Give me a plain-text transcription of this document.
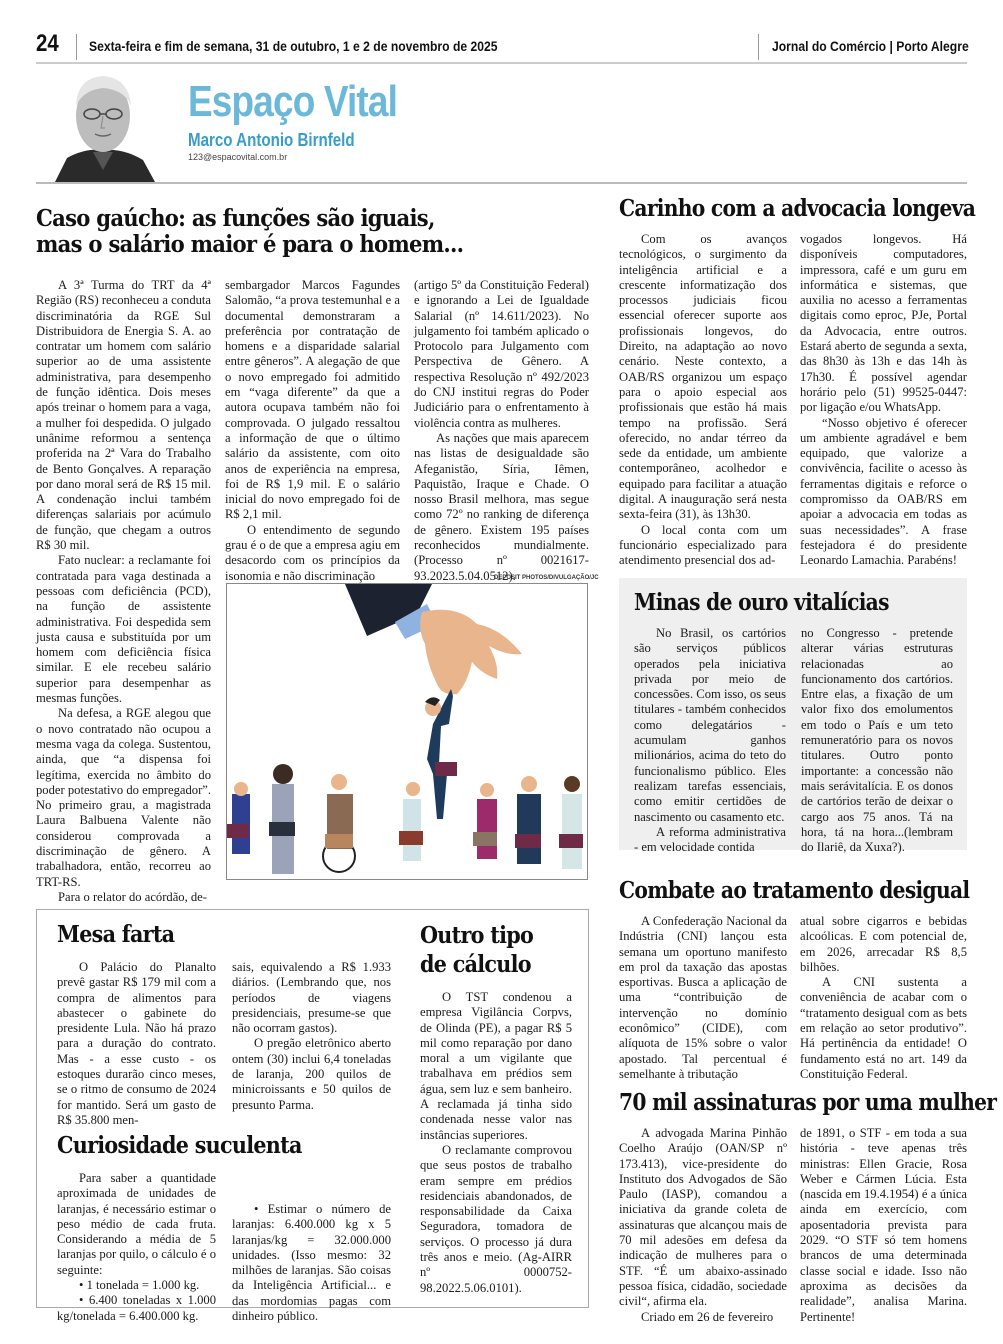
24 Sexta-feira e fim de semana, 31 de outubro, 1 e 2 de novembro de 2025	Jornal do Comércio | Porto Alegre
Espaço Vital
Marco Antonio Birnfeld
123@espacovital.com.br
Caso gaúcho: as funções são iguais,
mas o salário maior é para o homem...

A 3ª Turma do TRT da 4ª Região (RS) reconheceu a conduta discriminatória da RGE Sul Distribuidora de Energia S. A. ao contratar um homem com salário superior ao de uma assistente administrativa, para desempenho de função idêntica. Dois meses após treinar o homem para a vaga, a mulher foi despedida. O julgado unânime reformou a sentença proferida na 2ª Vara do Trabalho de Bento Gonçalves. A reparação por dano moral será de R$ 15 mil. A condenação inclui também diferenças salariais por acúmulo de função, que chegam a outros R$ 30 mil.

Fato nuclear: a reclamante foi contratada para vaga destinada a pessoas com deficiência (PCD), na função de assistente administrativa. Foi despedida sem justa causa e substituída por um homem com deficiência física similar. E ele recebeu salário superior para desempenhar as mesmas funções.

Na defesa, a RGE alegou que o novo contratado não ocupou a mesma vaga da colega. Sustentou, ainda, que “a dispensa foi legítima, exercida no âmbito do poder potestativo do empregador”. No primeiro grau, a magistrada Laura Balbuena Valente não considerou comprovada a discriminação de gênero. A trabalhadora, então, recorreu ao TRT-RS.

Para o relator do acórdão, de-

sembargador Marcos Fagundes Salomão, “a prova testemunhal e a documental demonstraram a preferência por contratação de homens e a disparidade salarial entre gêneros”. A alegação de que o novo empregado foi admitido em “vaga diferente” da que a autora ocupava também não foi comprovada. O julgado ressaltou a informação de que o último salário da assistente, com oito anos de experiência na empresa, foi de R$ 1,9 mil. E o salário inicial do novo empregado foi de R$ 2,1 mil.

O entendimento de segundo grau é o de que a empresa agiu em desacordo com os princípios da isonomia e não discriminação

(artigo 5º da Constituição Federal) e ignorando a Lei de Igualdade Salarial (nº 14.611/2023). No julgamento foi também aplicado o Protocolo para Julgamento com Perspectiva de Gênero. A respectiva Resolução nº 492/2023 do CNJ institui regras do Poder Judiciário para o enfrentamento à violência contra as mulheres.

As nações que mais aparecem nas listas de desigualdade são Afeganistão, Síria, Iêmen, Paquistão, Iraque e Chade. O nosso Brasil melhora, mas segue como 72º no ranking de diferença de gênero. Existem 195 países reconhecidos mundialmente. (Processo nº 0021617-93.2023.5.04.0512).

DEPOSIT PHOTOS/DIVULGAÇÃO/JC
Carinho com a advocacia longeva

Com os avanços tecnológicos, o surgimento da inteligência artificial e a crescente informatização dos processos judiciais ficou essencial oferecer suporte aos profissionais longevos, do Direito, na adaptação ao novo cenário. Neste contexto, a OAB/RS organizou um espaço para o apoio especial aos profissionais que estão há mais tempo na profissão. Será oferecido, no andar térreo da sede da entidade, um ambiente contemporâneo, acolhedor e equipado para facilitar a atuação digital. A inauguração será nesta sexta-feira (31), às 13h30.

O local conta com um funcionário especializado para atendimento presencial dos ad-

vogados longevos. Há disponíveis computadores, impressora, café e um guru em informática e sistemas, que auxilia no acesso a ferramentas digitais como eproc, PJe, Portal da Advocacia, entre outros. Estará aberto de segunda a sexta, das 8h30 às 13h e das 14h às 17h30. É possível agendar horário pelo (51) 99525-0447: por ligação e/ou WhatsApp.

“Nosso objetivo é oferecer um ambiente agradável e bem equipado, que valorize a convivência, facilite o acesso às ferramentas digitais e reforce o compromisso da OAB/RS em apoiar a advocacia em todas as suas necessidades”. A frase festejadora é do presidente Leonardo Lamachia. Parabéns!

Minas de ouro vitalícias

No Brasil, os cartórios são serviços públicos operados pela iniciativa privada por meio de concessões. Com isso, os seus titulares - também conhecidos como delegatários - acumulam ganhos milionários, acima do teto do funcionalismo público. Eles realizam tarefas essenciais, como emitir certidões de nascimento ou casamento etc.

A reforma administrativa - em velocidade contida

no Congresso - pretende alterar várias estruturas relacionadas ao funcionamento dos cartórios. Entre elas, a fixação de um valor fixo dos emolumentos em todo o País e um teto remuneratório para os novos titulares. Outro ponto importante: a concessão não mais serávitalícia. E os donos de cartórios terão de deixar o cargo aos 75 anos. Tá na hora, tá na hora...(lembram do Ilariê, da Xuxa?).

Combate ao tratamento desigual

A Confederação Nacional da Indústria (CNI) lançou esta semana um oportuno manifesto em prol da taxação das apostas esportivas. Busca a aplicação de uma “contribuição de intervenção no domínio econômico” (CIDE), com alíquota de 15% sobre o valor apostado. Tal percentual é semelhante à tributação

atual sobre cigarros e bebidas alcoólicas. E com potencial de, em 2026, arrecadar R$ 8,5 bilhões.

A CNI sustenta a conveniência de acabar com o “tratamento desigual com as bets em relação ao setor produtivo”. Há pertinência da entidade! O fundamento está no art. 149 da Constituição Federal.

70 mil assinaturas por uma mulher

A advogada Marina Pinhão Coelho Araújo (OAN/SP nº 173.413), vice-presidente do Instituto dos Advogados de São Paulo (IASP), comandou a iniciativa da grande coleta de assinaturas que alcançou mais de 70 mil adesões em defesa da indicação de mulheres para o STF. “É um abaixo-assinado pessoa física, cidadão, sociedade civil“, afirma ela.

Criado em 26 de fevereiro

de 1891, o STF - em toda a sua história - teve apenas três ministras: Ellen Gracie, Rosa Weber e Cármen Lúcia. Esta (nascida em 19.4.1954) é a única ainda em exercício, com aposentadoria prevista para 2029. “O STF só tem homens brancos de uma determinada classe social e idade. Isso não aproxima as decisões da realidade”, analisa Marina. Pertinente!

Mesa farta

O Palácio do Planalto prevê gastar R$ 179 mil com a compra de alimentos para abastecer o gabinete do presidente Lula. Não há prazo para a duração do contrato. Mas - a esse custo - os estoques durarão cinco meses, se o ritmo de consumo de 2024 for mantido. Será um gasto de R$ 35.800 men-

sais, equivalendo a R$ 1.933 diários. (Lembrando que, nos períodos de viagens presidenciais, presume-se que não ocorram gastos).

O pregão eletrônico aberto ontem (30) inclui 6,4 toneladas de laranja, 200 quilos de minicroissants e 50 quilos de presunto Parma.

Curiosidade suculenta

Para saber a quantidade aproximada de unidades de laranjas, é necessário estimar o peso médio de cada fruta. Considerando a média de 5 laranjas por quilo, o cálculo é o seguinte:

• 1 tonelada = 1.000 kg.

• 6.400 toneladas x 1.000 kg/tonelada = 6.400.000 kg.

• Estimar o número de laranjas: 6.400.000 kg x 5 laranjas/kg = 32.000.000 unidades. (Isso mesmo: 32 milhões de laranjas. São coisas da Inteligência Artificial... e das mordomias pagas com dinheiro público.

Outro tipo
de cálculo

O TST condenou a empresa Vigilância Corpvs, de Olinda (PE), a pagar R$ 5 mil como reparação por dano moral a um vigilante que trabalhava em prédios sem água, sem luz e sem banheiro. A reclamada já tinha sido condenada nesse valor nas instâncias superiores.

O reclamante comprovou que seus postos de trabalho eram sempre em prédios residenciais abandonados, de responsabilidade da Caixa Seguradora, tomadora de serviços. O processo já dura três anos e meio. (Ag-AIRR nº 0000752-98.2022.5.06.0101).
